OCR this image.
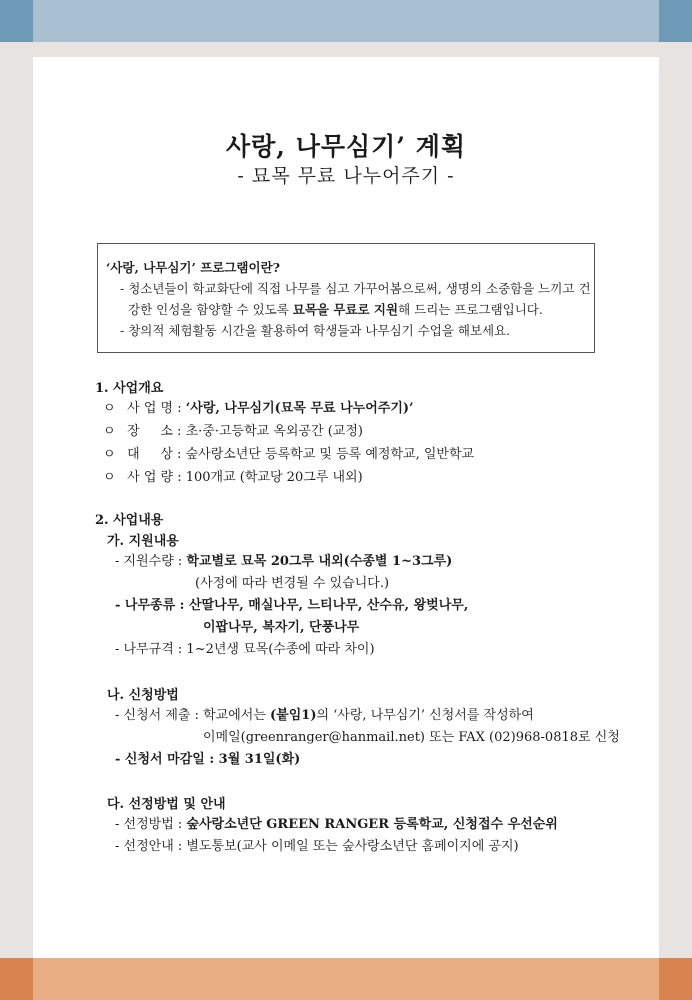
사랑, 나무심기’ 계획
- 묘목 무료 나누어주기 -
‘사랑, 나무심기’ 프로그램이란?
- 청소년들이 학교화단에 직접 나무를 심고 가꾸어봄으로써, 생명의 소중함을 느끼고 건
강한 인성을 함양할 수 있도록 묘목을 무료로 지원해 드리는 프로그램입니다.
- 창의적 체험활동 시간을 활용하여 학생들과 나무심기 수업을 해보세요.
1. 사업개요
ㅇ 사 업 명 : ‘사랑, 나무심기(묘목 무료 나누어주기)’
ㅇ 장     소 : 초·중·고등학교 옥외공간 (교정)
ㅇ 대     상 : 숲사랑소년단 등록학교 및 등록 예정학교, 일반학교
ㅇ 사 업 량 : 100개교 (학교당 20그루 내외)
2. 사업내용
가. 지원내용
- 지원수량 : 학교별로 묘목 20그루 내외(수종별 1~3그루)
(사정에 따라 변경될 수 있습니다.)
- 나무종류 : 산딸나무, 매실나무, 느티나무, 산수유, 왕벚나무,
이팝나무, 복자기, 단풍나무
- 나무규격 : 1~2년생 묘목(수종에 따라 차이)
나. 신청방법
- 신청서 제출 : 학교에서는 (붙임1)의 ‘사랑, 나무심기’ 신청서를 작성하여
이메일(greenranger@hanmail.net) 또는 FAX (02)968-0818로 신청
- 신청서 마감일 : 3월 31일(화)
다. 선정방법 및 안내
- 선정방법 : 숲사랑소년단 GREEN RANGER 등록학교, 신청접수 우선순위
- 선정안내 : 별도통보(교사 이메일 또는 숲사랑소년단 홈페이지에 공지)
